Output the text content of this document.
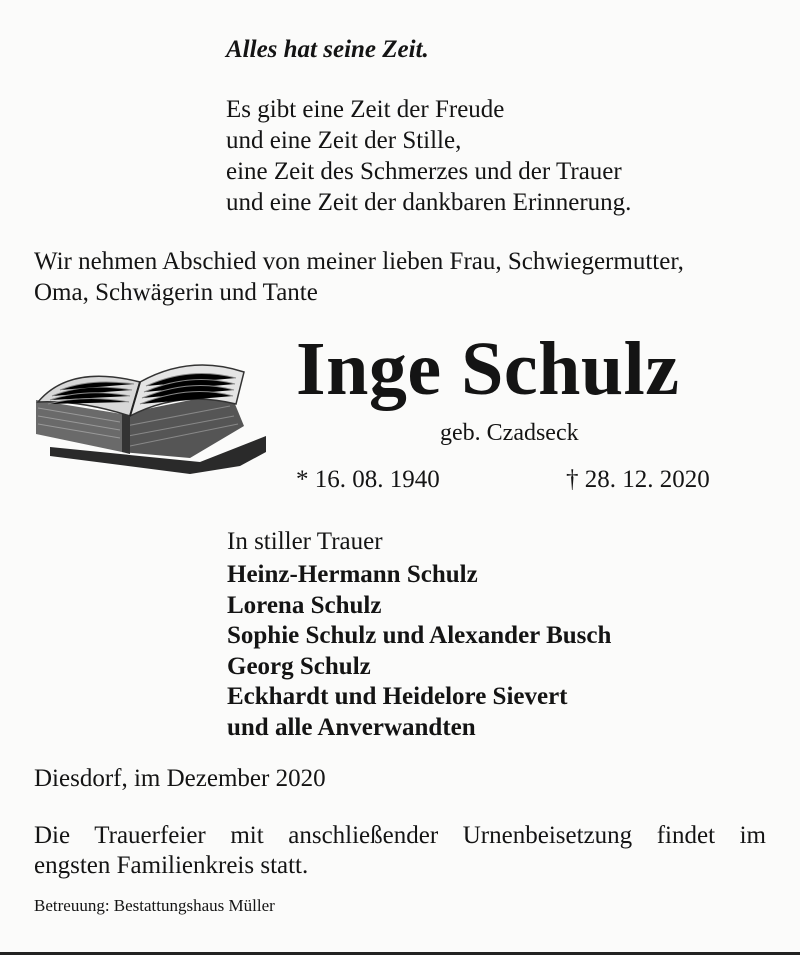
Alles hat seine Zeit.
Es gibt eine Zeit der Freude
und eine Zeit der Stille,
eine Zeit des Schmerzes und der Trauer
und eine Zeit der dankbaren Erinnerung.
Wir nehmen Abschied von meiner lieben Frau, Schwiegermutter,
Oma, Schwägerin und Tante
Inge Schulz
geb. Czadseck
* 16. 08. 1940	† 28. 12. 2020
In stiller Trauer
Heinz-Hermann Schulz
Lorena Schulz
Sophie Schulz und Alexander Busch
Georg Schulz
Eckhardt und Heidelore Sievert
und alle Anverwandten
Diesdorf, im Dezember 2020
Die Trauerfeier mit anschließender Urnenbeisetzung findet im
engsten Familienkreis statt.
Betreuung: Bestattungshaus Müller
